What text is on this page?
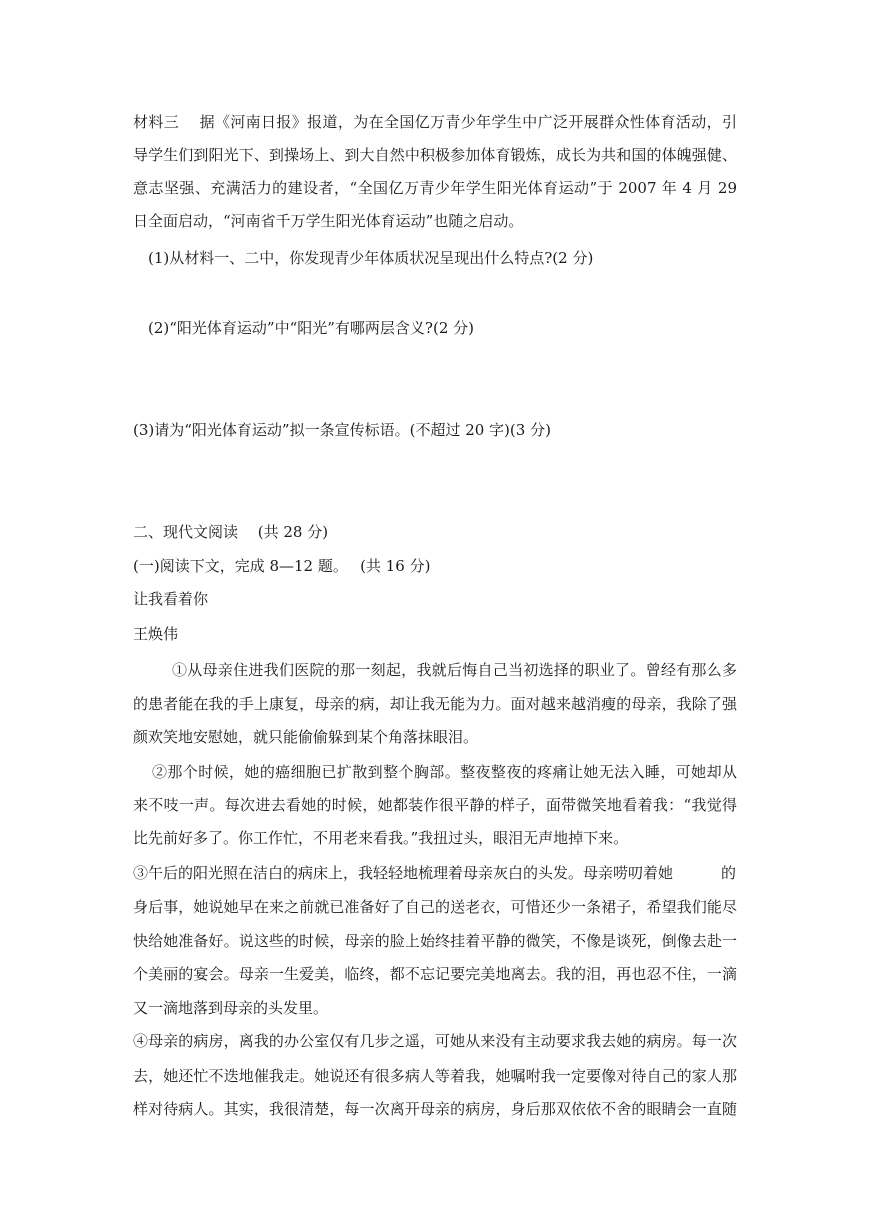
材料三　 据《河南日报》报道，为在全国亿万青少年学生中广泛开展群众性体育活动，引
导学生们到阳光下、到操场上、到大自然中积极参加体育锻炼，成长为共和国的体魄强健、
意志坚强、充满活力的建设者，“全国亿万青少年学生阳光体育运动”于 2007 年 4 月 29
日全面启动，“河南省千万学生阳光体育运动”也随之启动。
(1)从材料一、二中，你发现青少年体质状况呈现出什么特点?(2 分)
(2)“阳光体育运动”中“阳光”有哪两层含义?(2 分)
(3)请为“阳光体育运动”拟一条宣传标语。(不超过 20 字)(3 分)
二、现代文阅读　 (共 28 分)
(一)阅读下文，完成 8—12 题。　 (共 16 分)
让我看着你
王焕伟
①从母亲住进我们医院的那一刻起，我就后悔自己当初选择的职业了。曾经有那么多
的患者能在我的手上康复，母亲的病，却让我无能为力。面对越来越消瘦的母亲，我除了强
颜欢笑地安慰她，就只能偷偷躲到某个角落抹眼泪。
②那个时候，她的癌细胞已扩散到整个胸部。整夜整夜的疼痛让她无法入睡，可她却从
来不吱一声。每次进去看她的时候，她都装作很平静的样子，面带微笑地看着我：“我觉得
比先前好多了。你工作忙，不用老来看我。”我扭过头，眼泪无声地掉下来。
③午后的阳光照在洁白的病床上，我轻轻地梳理着母亲灰白的头发。母亲唠叨着她	的
身后事，她说她早在来之前就已准备好了自己的送老衣，可惜还少一条裙子，希望我们能尽
快给她准备好。说这些的时候，母亲的脸上始终挂着平静的微笑，不像是谈死，倒像去赴一
个美丽的宴会。母亲一生爱美，临终，都不忘记要完美地离去。我的泪，再也忍不住，一滴
又一滴地落到母亲的头发里。
④母亲的病房，离我的办公室仅有几步之遥，可她从来没有主动要求我去她的病房。每一次
去，她还忙不迭地催我走。她说还有很多病人等着我，她嘱咐我一定要像对待自己的家人那
样对待病人。其实，我很清楚，每一次离开母亲的病房，身后那双依依不舍的眼睛会一直随
